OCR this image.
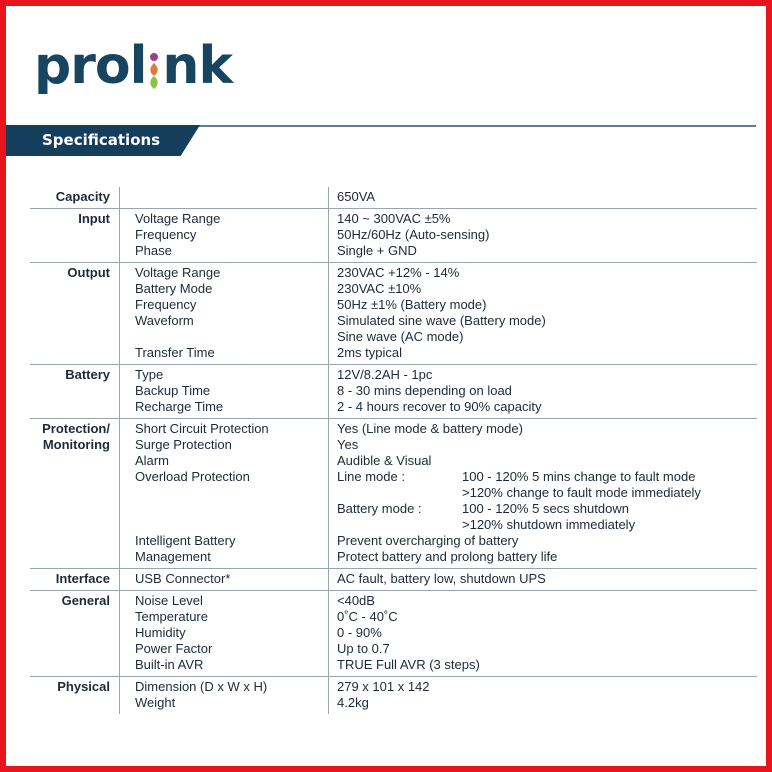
prol nk
Specifications
Capacity	650VA
Input Voltage Range	140 ~ 300VAC ±5%
Frequency	50Hz/60Hz (Auto-sensing)
Phase	Single + GND
Output Voltage Range	230VAC +12% - 14%
Battery Mode	230VAC ±10%
Frequency	50Hz ±1% (Battery mode)
Waveform	Simulated sine wave (Battery mode)
Sine wave (AC mode)
Transfer Time	2ms typical
Battery Type	12V/8.2AH - 1pc
Backup Time	8 - 30 mins depending on load
Recharge Time	2 - 4 hours recover to 90% capacity
Protection/
Monitoring
Short Circuit Protection	Yes (Line mode & battery mode)
Surge Protection	Yes
Alarm	Audible & Visual
Overload Protection	Line mode :	100 - 120% 5 mins change to fault mode
>120% change to fault mode immediately
Battery mode :	100 - 120% 5 secs shutdown
>120% shutdown immediately
Intelligent Battery	Prevent overcharging of battery
Management	Protect battery and prolong battery life
Interface USB Connector*	AC fault, battery low, shutdown UPS
General Noise Level	<40dB
Temperature	0˚C - 40˚C
Humidity	0 - 90%
Power Factor	Up to 0.7
Built-in AVR	TRUE Full AVR (3 steps)
Physical Dimension (D x W x H)	279 x 101 x 142
Weight	4.2kg
